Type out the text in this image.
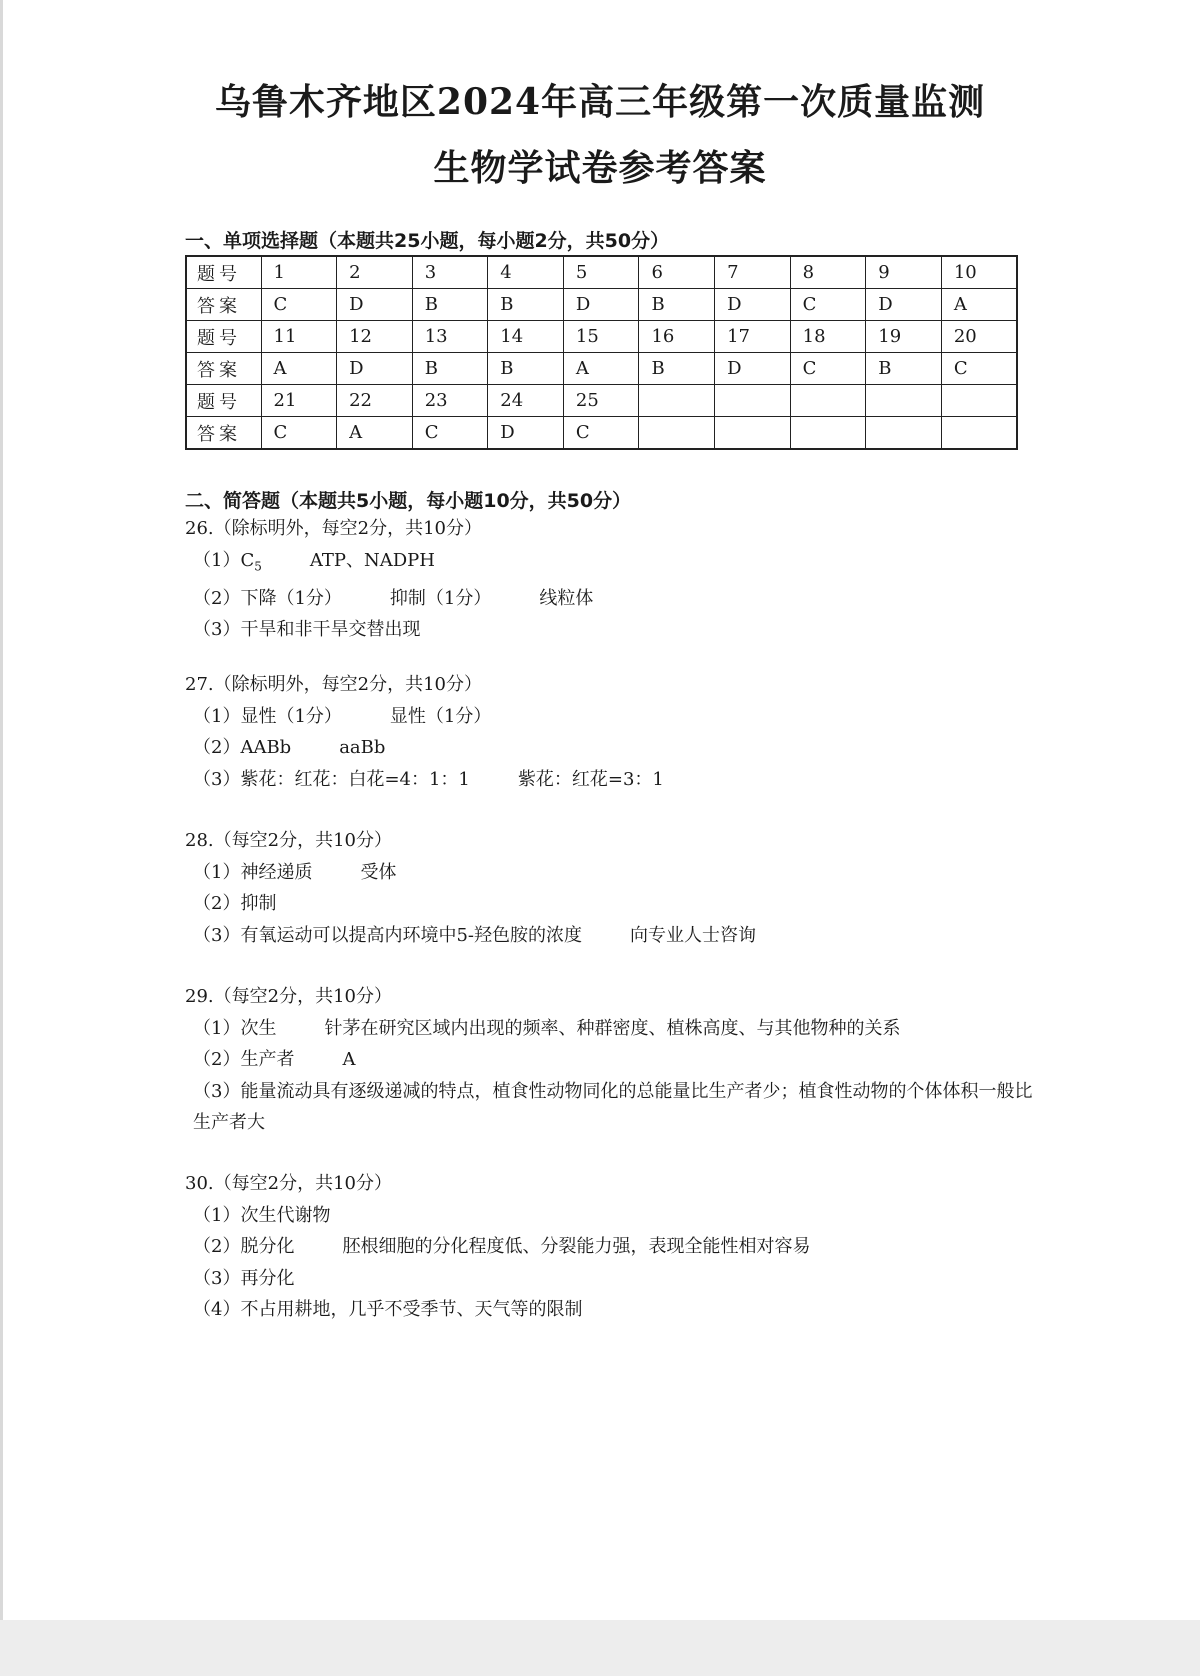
乌鲁木齐地区2024年高三年级第一次质量监测
生物学试卷参考答案
一、单项选择题（本题共25小题，每小题2分，共50分）
题号	1	2	3	4	5	6	7	8	9	10
答案	C	D	B	B	D	B	D	C	D	A
题号	11	12	13	14	15	16	17	18	19	20
答案	A	D	B	B	A	B	D	C	B	C
题号	21	22	23	24	25					
答案	C	A	C	D	C					
二、简答题（本题共5小题，每小题10分，共50分）
26.（除标明外，每空2分，共10分）
$(1)C_5$	ATP、NADPH
（2）下降（1分）	抑制（1分）	线粒体
（3）干旱和非干旱交替出现
27.（除标明外，每空2分，共10分）
（1）显性（1分）	显性（1分）
（2）AABb	aaBb
（3）紫花：红花：白花=4：1：1	紫花：红花=3：1
28.（每空2分，共10分）
（1）神经递质	受体
（2）抑制
（3）有氧运动可以提高内环境中5-羟色胺的浓度	向专业人士咨询
29.（每空2分，共10分）
（1）次生	针茅在研究区域内出现的频率、种群密度、植株高度、与其他物种的关系
（2）生产者	A
（3）能量流动具有逐级递减的特点，植食性动物同化的总能量比生产者少；植食性动物的个体体积一般比生产者大
30.（每空2分，共10分）
（1）次生代谢物
（2）脱分化	胚根细胞的分化程度低、分裂能力强，表现全能性相对容易
（3）再分化
（4）不占用耕地，几乎不受季节、天气等的限制
